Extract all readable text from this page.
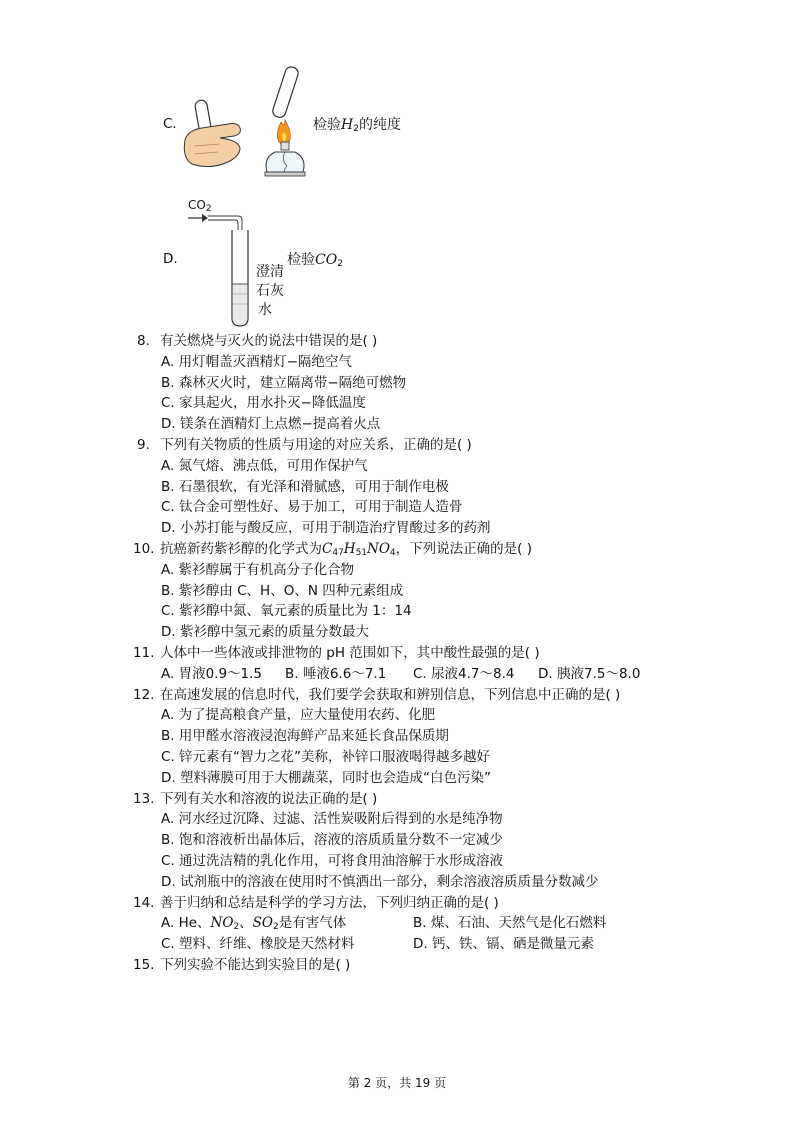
C.	检验$H_2$的纯度
D.
$CO_2$
检验$CO_2$
澄清
石灰
水
8. 有关燃烧与灭火的说法中错误的是( )
A. 用灯帽盖灭酒精灯−隔绝空气
B. 森林灭火时，建立隔离带−隔绝可燃物
C. 家具起火，用水扑灭−降低温度
D. 镁条在酒精灯上点燃−提高着火点
9. 下列有关物质的性质与用途的对应关系，正确的是( )
A. 氮气熔、沸点低，可用作保护气
B. 石墨很软，有光泽和滑腻感，可用于制作电极
C. 钛合金可塑性好、易于加工，可用于制造人造骨
D. 小苏打能与酸反应，可用于制造治疗胃酸过多的药剂
10. 抗癌新药紫衫醇的化学式为$C_{47}H_{51}NO_4$，下列说法正确的是( )
A. 紫衫醇属于有机高分子化合物
B. 紫衫醇由 C、H、O、N 四种元素组成
C. 紫衫醇中氮、氧元素的质量比为 1：14
D. 紫衫醇中氢元素的质量分数最大
11. 人体中一些体液或排泄物的 pH 范围如下，其中酸性最强的是( )
A. 胃液0.9～1.5 B. 唾液6.6～7.1 C. 尿液4.7～8.4 D. 胰液7.5～8.0
12. 在高速发展的信息时代，我们要学会获取和辨别信息，下列信息中正确的是( )
A. 为了提高粮食产量，应大量使用农药、化肥
B. 用甲醛水溶液浸泡海鲜产品来延长食品保质期
C. 锌元素有“智力之花”美称，补锌口服液喝得越多越好
D. 塑料薄膜可用于大棚蔬菜，同时也会造成“白色污染”
13. 下列有关水和溶液的说法正确的是( )
A. 河水经过沉降、过滤、活性炭吸附后得到的水是纯净物
B. 饱和溶液析出晶体后，溶液的溶质质量分数不一定减少
C. 通过洗洁精的乳化作用，可将食用油溶解于水形成溶液
D. 试剂瓶中的溶液在使用时不慎洒出一部分，剩余溶液溶质质量分数减少
14. 善于归纳和总结是科学的学习方法，下列归纳正确的是( )
A. He、$NO_2$、$SO_2$是有害气体	B. 煤、石油、天然气是化石燃料
C. 塑料、纤维、橡胶是天然材料	D. 钙、铁、镉、硒是微量元素
15. 下列实验不能达到实验目的是( )
第 2 页，共 19 页
